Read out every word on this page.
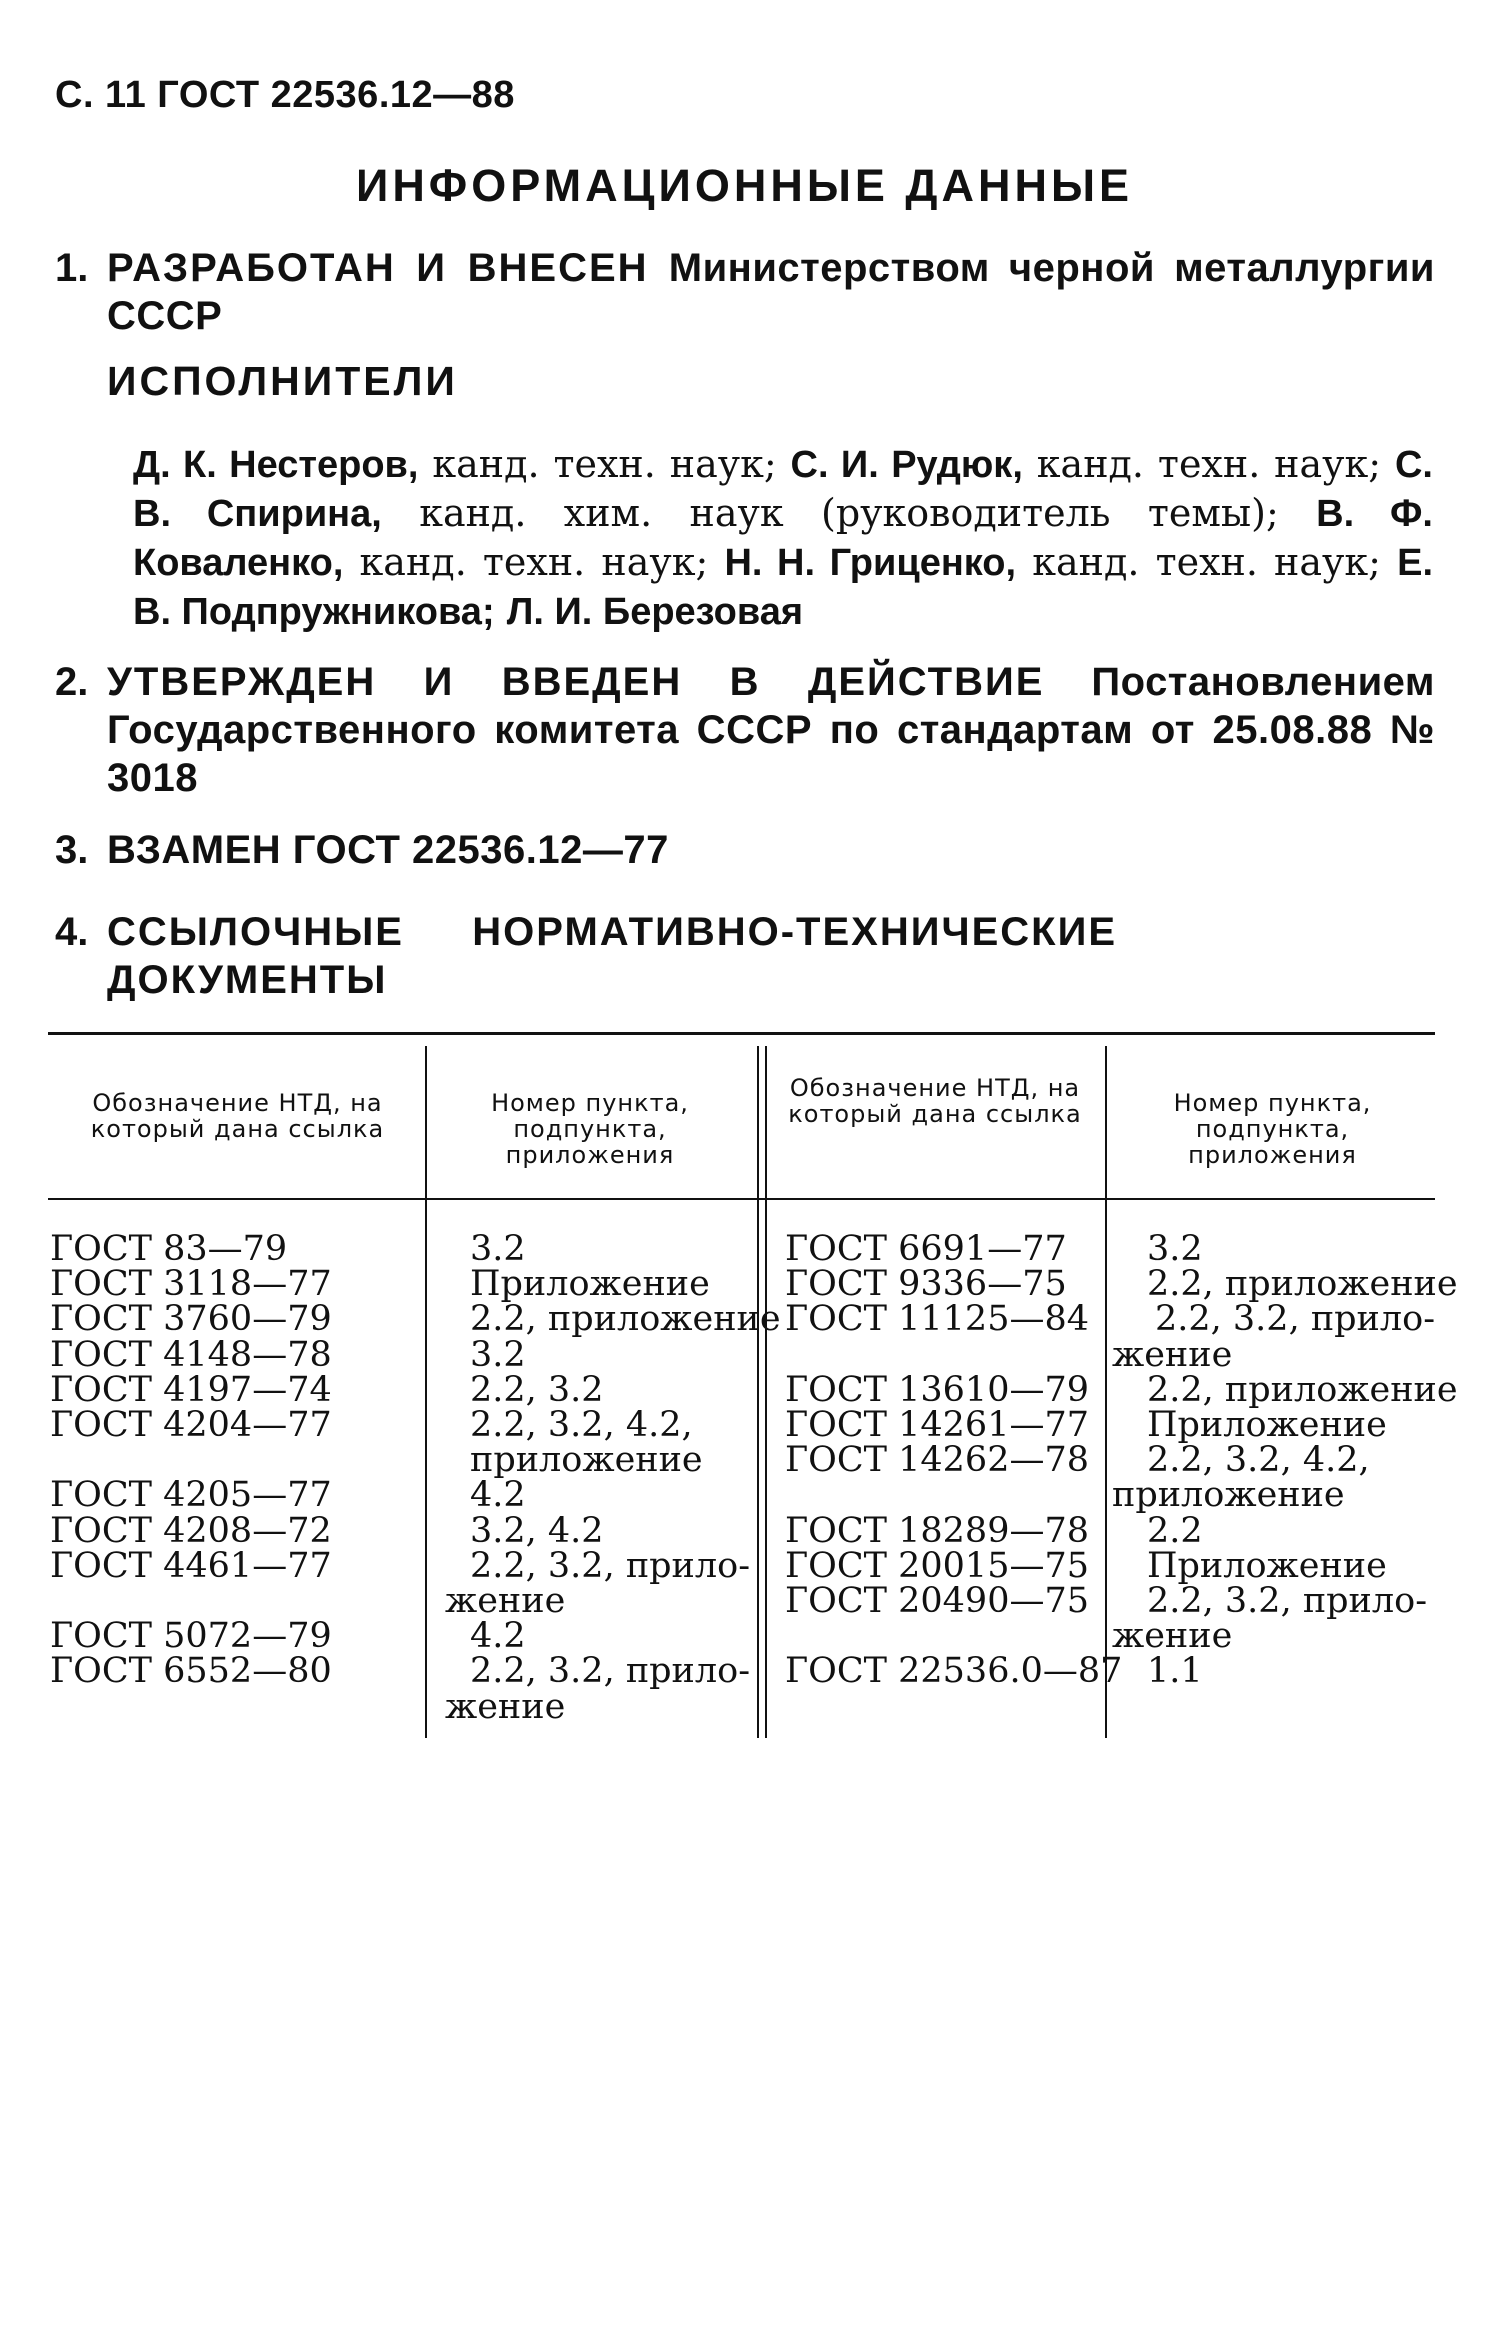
С. 11 ГОСТ 22536.12—88
ИНФОРМАЦИОННЫЕ ДАННЫЕ
1. РАЗРАБОТАН И ВНЕСЕН Министерством черной металлургии СССР
ИСПОЛНИТЕЛИ
Д. К. Нестеров, канд. техн. наук; С. И. Рудюк, канд. техн. наук; С. В. Спирина, канд. хим. наук (руководитель темы); В. Ф. Коваленко, канд. техн. наук; Н. Н. Гриценко, канд. техн. наук; Е. В. Подпружникова; Л. И. Березовая
2. УТВЕРЖДЕН И ВВЕДЕН В ДЕЙСТВИЕ Постановлением Государственного комитета СССР по стандартам от 25.08.88 № 3018
3. ВЗАМЕН ГОСТ 22536.12—77
4. ССЫЛОЧНЫЕ НОРМАТИВНО-ТЕХНИЧЕСКИЕ ДОКУМЕНТЫ
Обозначение НТД, на который дана ссылка
Номер пункта, подпункта, приложения
Обозначение НТД, на который дана ссылка	Номер пункта, подпункта, приложения
ГОСТ 83—79
ГОСТ 3118—77
ГОСТ 3760—79
ГОСТ 4148—78
ГОСТ 4197—74
ГОСТ 4204—77
ГОСТ 4205—77
ГОСТ 4208—72
ГОСТ 4461—77
ГОСТ 5072—79
ГОСТ 6552—80
3.2
Приложение
2.2, приложение
3.2
2.2, 3.2
2.2, 3.2, 4.2,
приложение
4.2
3.2, 4.2
2.2, 3.2, прило-
жение
4.2
2.2, 3.2, прило-
жение
ГОСТ 6691—77
ГОСТ 9336—75
ГОСТ 11125—84
ГОСТ 13610—79
ГОСТ 14261—77
ГОСТ 14262—78
ГОСТ 18289—78
ГОСТ 20015—75
ГОСТ 20490—75
ГОСТ 22536.0—87
3.2
2.2, приложение
2.2, 3.2, прило-
жение
2.2, приложение
Приложение
2.2, 3.2, 4.2,
приложение
2.2
Приложение
2.2, 3.2, прило-
жение
1.1
